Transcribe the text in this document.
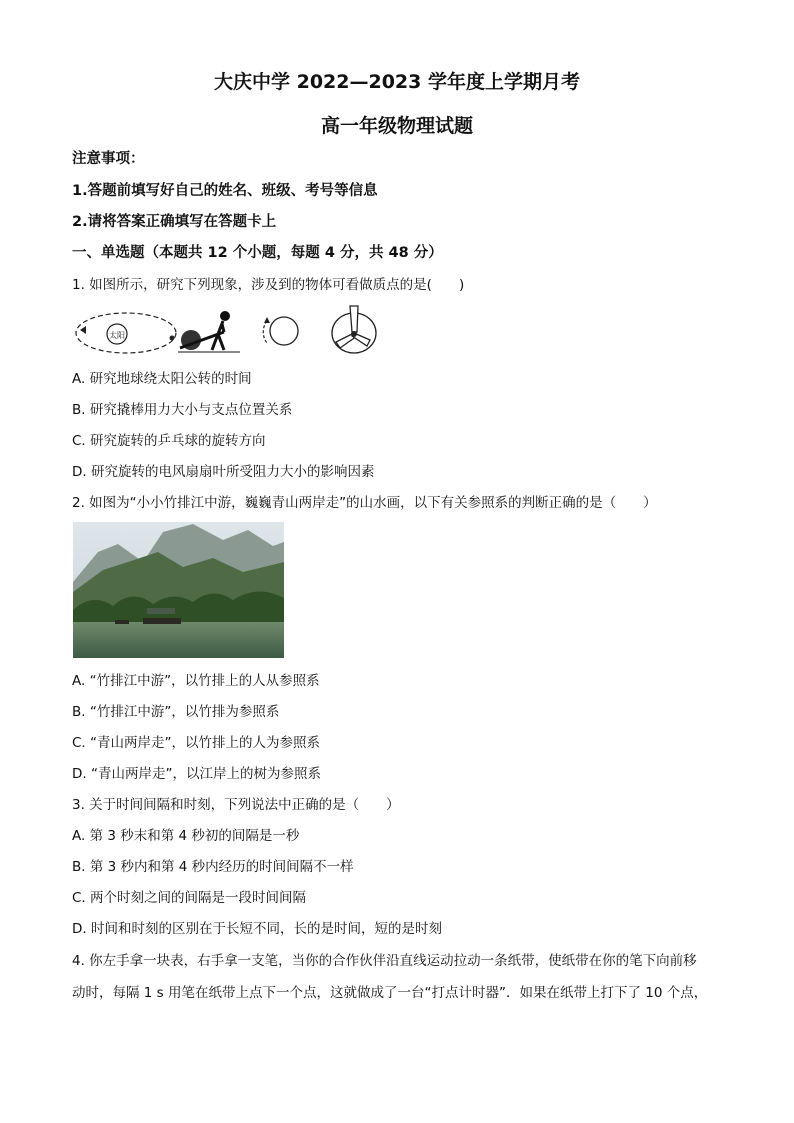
大庆中学 2022—2023 学年度上学期月考
高一年级物理试题
注意事项：
1.答题前填写好自己的姓名、班级、考号等信息
2.请将答案正确填写在答题卡上
一、单选题（本题共 12 个小题，每题 4 分，共 48 分）
1. 如图所示，研究下列现象，涉及到的物体可看做质点的是(　　)
太阳
A. 研究地球绕太阳公转的时间
B. 研究撬棒用力大小与支点位置关系
C. 研究旋转的乒乓球的旋转方向
D. 研究旋转的电风扇扇叶所受阻力大小的影响因素
2. 如图为“小小竹排江中游，巍巍青山两岸走”的山水画，以下有关参照系的判断正确的是（　　）
A. “竹排江中游”，以竹排上的人从参照系
B. “竹排江中游”，以竹排为参照系
C. “青山两岸走”，以竹排上的人为参照系
D. “青山两岸走”，以江岸上的树为参照系
3. 关于时间间隔和时刻，下列说法中正确的是（　　）
A. 第 3 秒末和第 4 秒初的间隔是一秒
B. 第 3 秒内和第 4 秒内经历的时间间隔不一样
C. 两个时刻之间的间隔是一段时间间隔
D. 时间和时刻的区别在于长短不同，长的是时间，短的是时刻
4. 你左手拿一块表，右手拿一支笔，当你的合作伙伴沿直线运动拉动一条纸带，使纸带在你的笔下向前移
动时，每隔 1 s 用笔在纸带上点下一个点，这就做成了一台“打点计时器”．如果在纸带上打下了 10 个点，
